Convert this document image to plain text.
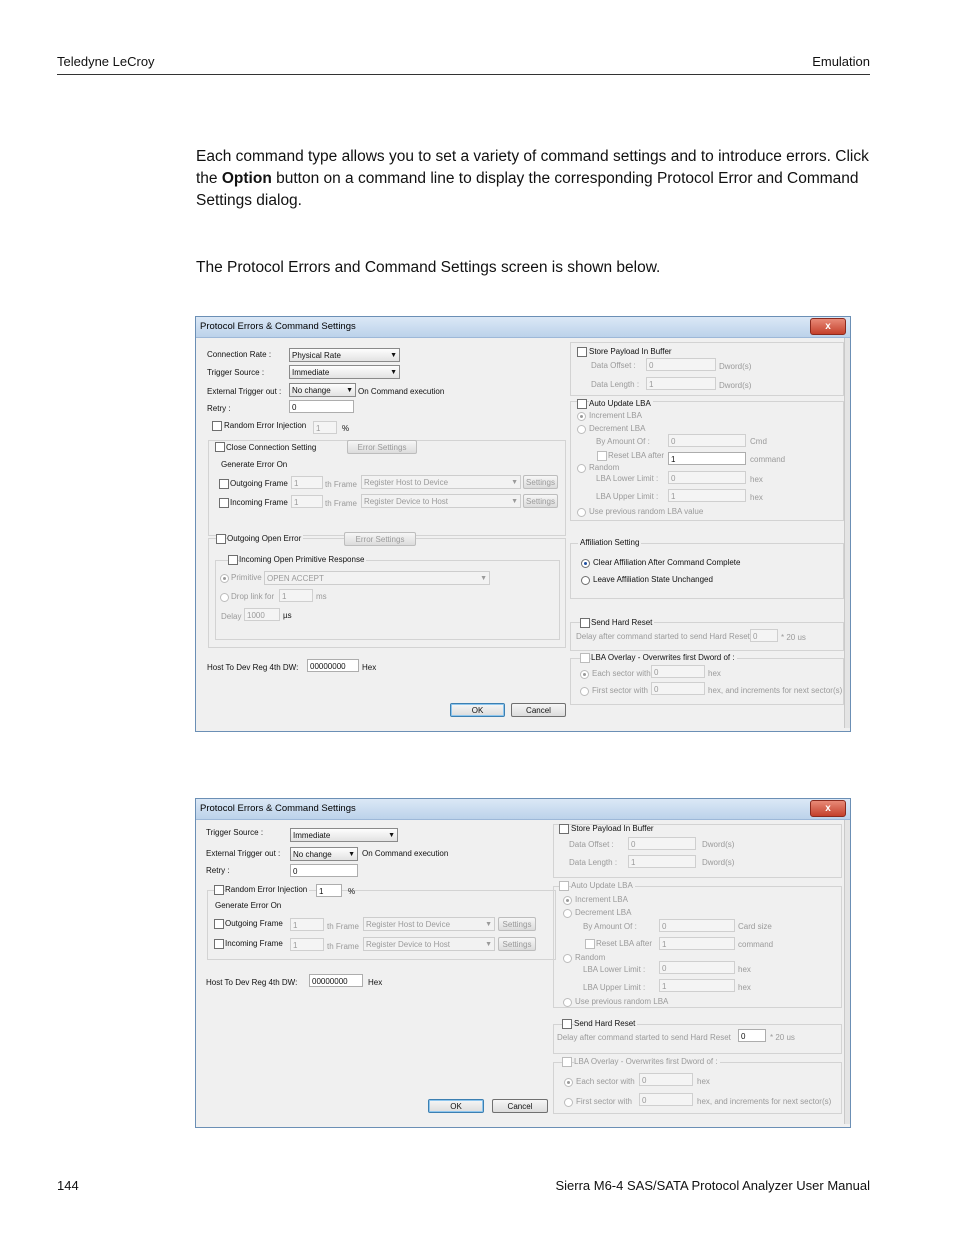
Teledyne LeCroy	Emulation
Each command type allows you to set a variety of command settings and to introduce errors. Click the Option button on a command line to display the corresponding Protocol Error and Command Settings dialog.
The Protocol Errors and Command Settings screen is shown below.
Protocol Errors & Command Settings	x
Connection Rate :	Physical Rate	▼
Trigger Source :	Immediate	▼
External Trigger out :	No change ▼ On Command execution
Retry :	0
Random Error Injection	1	%
Close Connection Setting	Error Settings
Generate Error On
Outgoing Frame 1	th Frame Register Host to Device	▼	Settings
Incoming Frame 1	th Frame Register Device to Host	▼	Settings
Outgoing Open Error	Error Settings
Incoming Open Primitive Response
Primitive OPEN ACCEPT	▼
Drop link for 1	ms
Delay 1000	µs
Host To Dev Reg 4th DW:	00000000	Hex
Store Payload In Buffer
Data Offset :	0	Dword(s)
Data Length :	1	Dword(s)
Auto Update LBA
Increment LBA
Decrement LBA
By Amount Of :	0	Cmd
Reset LBA after 1	command
Random
LBA Lower Limit :	0	hex
LBA Upper Limit :	1	hex
Use previous random LBA value
Affiliation Setting
Clear Affiliation After Command Complete
Leave Affiliation State Unchanged
Send Hard Reset
Delay after command started to send Hard Reset 0	* 20 us
LBA Overlay - Overwrites first Dword of :
Each sector with 0	hex
First sector with 0	hex, and increments for next sector(s)
OK	Cancel
Protocol Errors & Command Settings	x
Trigger Source :	Immediate	▼
External Trigger out :	No change ▼ On Command execution
Retry :	0
Random Error Injection	1	%
Generate Error On
Outgoing Frame	1	th Frame Register Host to Device	▼	Settings
Incoming Frame	1	th Frame Register Device to Host	▼	Settings
Host To Dev Reg 4th DW:	00000000	Hex
Store Payload In Buffer
Data Offset :	0	Dword(s)
Data Length :	1	Dword(s)
Auto Update LBA
Increment LBA
Decrement LBA
By Amount Of :	0	Card size
Reset LBA after	1	command
Random
LBA Lower Limit :	0	hex
LBA Upper Limit :	1	hex
Use previous random LBA
Send Hard Reset
Delay after command started to send Hard Reset	0	* 20 us
LBA Overlay - Overwrites first Dword of :
Each sector with 0	hex
First sector with	0	hex, and increments for next sector(s)
OK	Cancel
144	Sierra M6-4 SAS/SATA Protocol Analyzer User Manual
